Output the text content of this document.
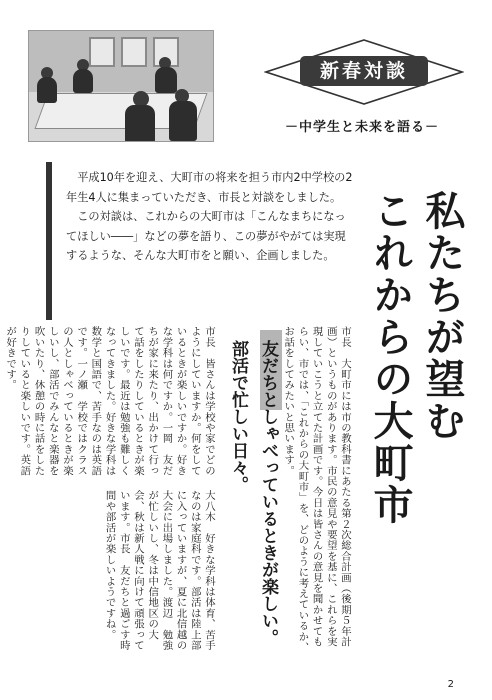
新春対談
－中学生と未来を語る－

平成10年を迎え、大町市の将来を担う市内2中学校の2年生4人に集まっていただき、市長と対談をしました。

この対談は、これからの大町市は「こんなまちになってほしい――」などの夢を語り、この夢がやがては実現するような、そんな大町市をと願い、企画しました。	私たちが望む
これからの大町市
市長　大町市には市の教科書にあたる第２次総合計画（後期５年計画）というものがあります。市民の意見や要望を基に、これらを実現していこうと立てた計画です。今日は皆さんの意見を聞かせてもらい、市では、「これからの大町市」を、どのように考えているか、お話をしてみたいと思います。
友だちとしゃべっているときが楽しい。
部活で忙しい日々。
市長　皆さんは学校や家でどのようにしていますか。何をしているときが楽しいですか。好きな学科は何ですか。一岡　友だちが家に来たり、出かけて行って話をしたりしているときが楽しいです。最近は勉強も難しくなってきました。好きな学科は数学と国語で、苦手なのは英語です。一ノ瀬　学校ではクラスの人としゃべっているときが楽しいし、部活でみんなと楽器を吹いたり、休憩の時に話をしたりしていると楽しいです。英語が好きです。
大八木　好きな学科は体育、苦手なのは家庭科です。部活は陸上部に入っていますが、夏に北信越の大会に出場しました。渡辺　勉強が忙しいし、冬は中信地区の大会、秋は新人戦に向けて頑張っています。市長　友だちと過ごす時間や部活が楽しいようですね。
2
